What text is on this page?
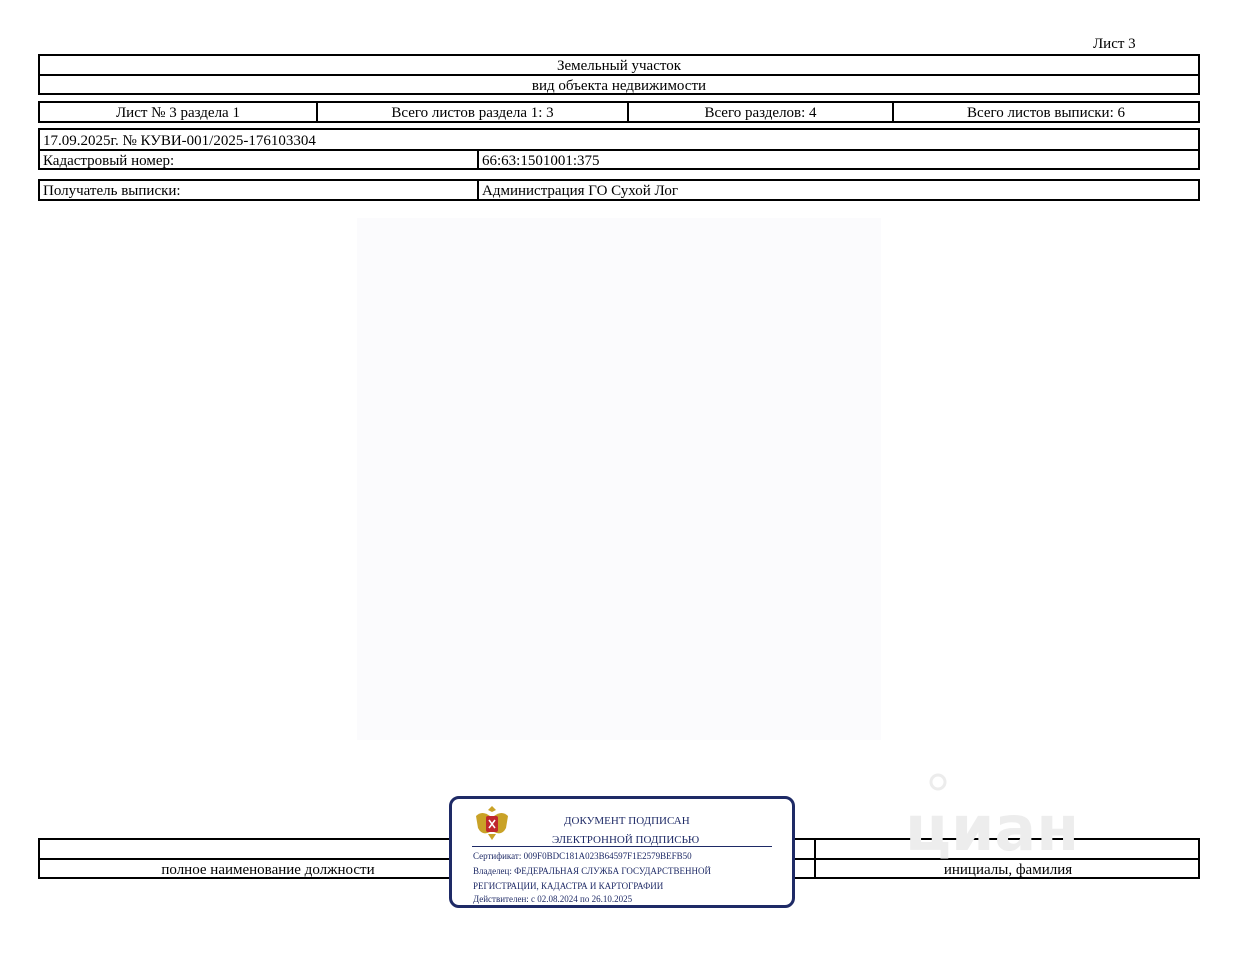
Лист 3
Земельный участок
вид объекта недвижимости
Лист № 3 раздела 1	Всего листов раздела 1: 3	Всего разделов: 4	Всего листов выписки: 6
17.09.2025г. № КУВИ-001/2025-176103304
Кадастровый номер:	66:63:1501001:375
Получатель выписки:	Администрация ГО Сухой Лог
полное наименование должности	инициалы, фамилия
циан
ДОКУМЕНТ ПОДПИСАН
ЭЛЕКТРОННОЙ ПОДПИСЬЮ
Сертификат: 009F0BDC181A023B64597F1E2579BEFB50
Владелец: ФЕДЕРАЛЬНАЯ СЛУЖБА ГОСУДАРСТВЕННОЙ
РЕГИСТРАЦИИ, КАДАСТРА И КАРТОГРАФИИ
Действителен: с 02.08.2024 по 26.10.2025
